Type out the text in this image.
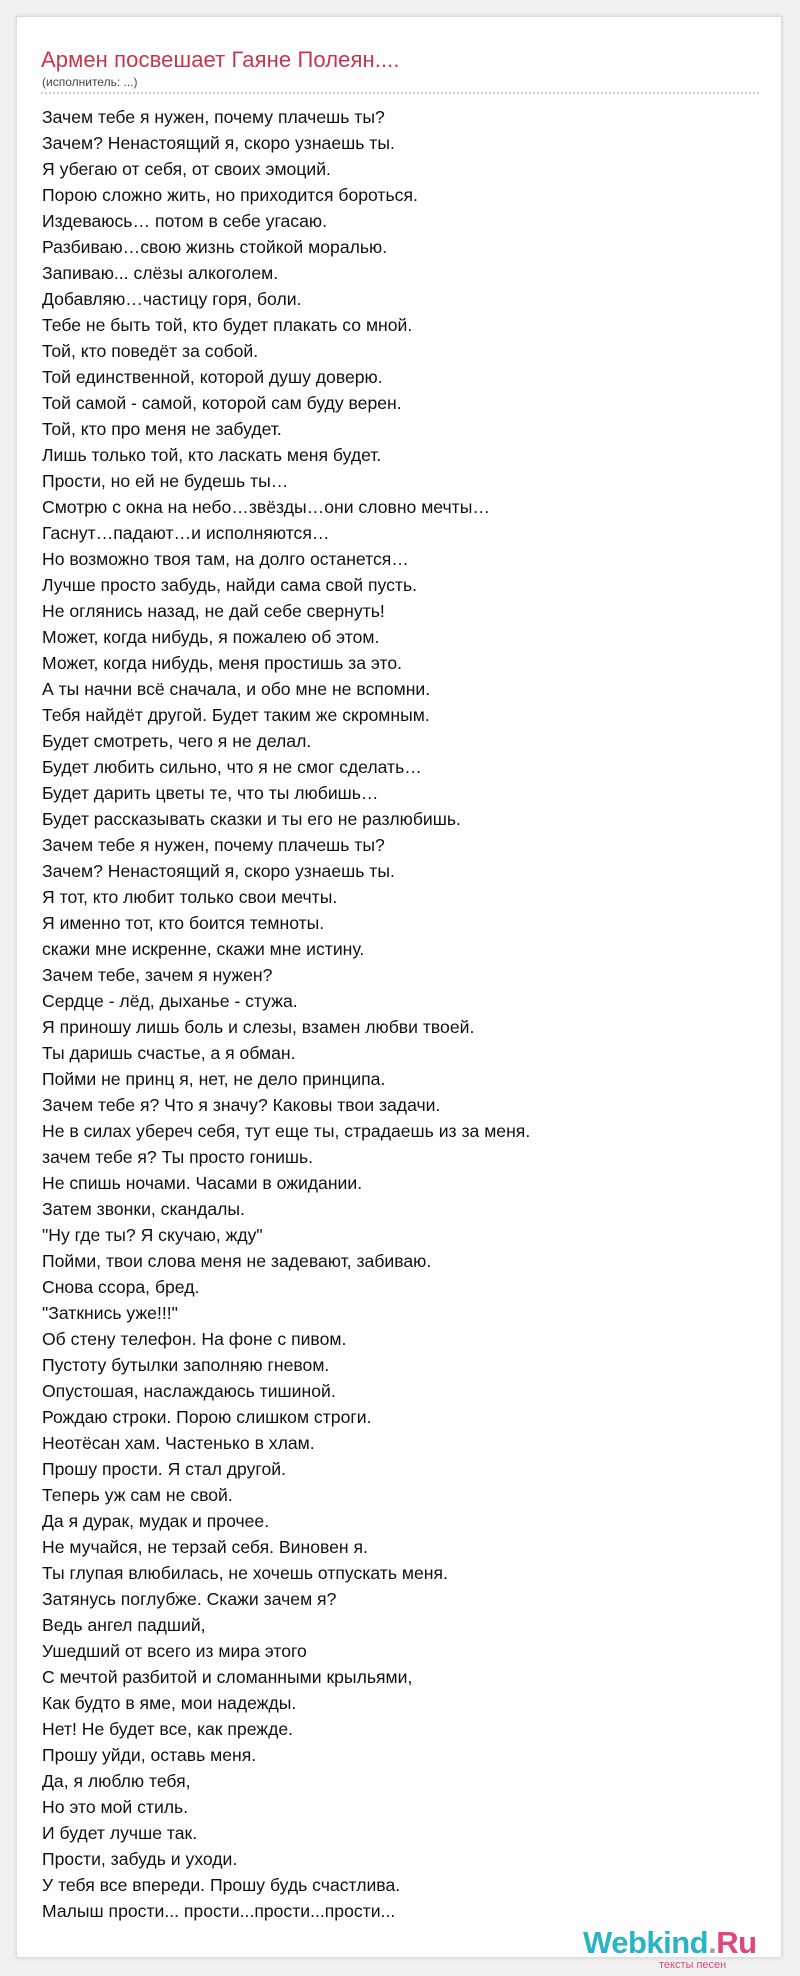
Армен посвешает Гаяне Полеян....
(исполнитель: ...)
Зачем тебе я нужен, почему плачешь ты?
Зачем? Ненастоящий я, скоро узнаешь ты.
Я убегаю от себя, от своих эмоций.
Порою сложно жить, но приходится бороться.
Издеваюсь… потом в себе угасаю.
Разбиваю…свою жизнь стойкой моралью.
Запиваю... слёзы алкоголем.
Добавляю…частицу горя, боли.
Тебе не быть той, кто будет плакать со мной.
Той, кто поведёт за собой.
Той единственной, которой душу доверю.
Той самой - самой, которой сам буду верен.
Той, кто про меня не забудет.
Лишь только той, кто ласкать меня будет.
Прости, но ей не будешь ты…
Смотрю с окна на небо…звёзды…они словно мечты…
Гаснут…падают…и исполняются…
Но возможно твоя там, на долго останется…
Лучше просто забудь, найди сама свой пусть.
Не оглянись назад, не дай себе свернуть!
Может, когда нибудь, я пожалею об этом.
Может, когда нибудь, меня простишь за это.
А ты начни всё сначала, и обо мне не вспомни.
Тебя найдёт другой. Будет таким же скромным.
Будет смотреть, чего я не делал.
Будет любить сильно, что я не смог сделать…
Будет дарить цветы те, что ты любишь…
Будет рассказывать сказки и ты его не разлюбишь.
Зачем тебе я нужен, почему плачешь ты?
Зачем? Ненастоящий я, скоро узнаешь ты.
Я тот, кто любит только свои мечты.
Я именно тот, кто боится темноты.
скажи мне искренне, скажи мне истину.
Зачем тебе, зачем я нужен?
Сердце - лёд, дыханье - стужа.
Я приношу лишь боль и слезы, взамен любви твоей.
Ты даришь счастье, а я обман.
Пойми не принц я, нет, не дело принципа.
Зачем тебе я? Что я значу? Каковы твои задачи.
Не в силах убереч себя, тут еще ты, страдаешь из за меня.
зачем тебе я? Ты просто гонишь.
Не спишь ночами. Часами в ожидании.
Затем звонки, скандалы.
"Ну где ты? Я скучаю, жду"
Пойми, твои слова меня не задевают, забиваю.
Снова ссора, бред.
"Заткнись уже!!!"
Об стену телефон. На фоне с пивом.
Пустоту бутылки заполняю гневом.
Опустошая, наслаждаюсь тишиной.
Рождаю строки. Порою слишком строги.
Неотёсан хам. Частенько в хлам.
Прошу прости. Я стал другой.
Теперь уж сам не свой.
Да я дурак, мудак и прочее.
Не мучайся, не терзай себя. Виновен я.
Ты глупая влюбилась, не хочешь отпускать меня.
Затянусь поглубже. Скажи зачем я?
Ведь ангел падший,
Ушедший от всего из мира этого
С мечтой разбитой и сломанными крыльями,
Как будто в яме, мои надежды.
Нет! Не будет все, как прежде.
Прошу уйди, оставь меня.
Да, я люблю тебя,
Но это мой стиль.
И будет лучше так.
Прости, забудь и уходи.
У тебя все впереди. Прошу будь счастлива.
Малыш прости... прости...прости...прости...
Webkind.Ru
тексты песен
